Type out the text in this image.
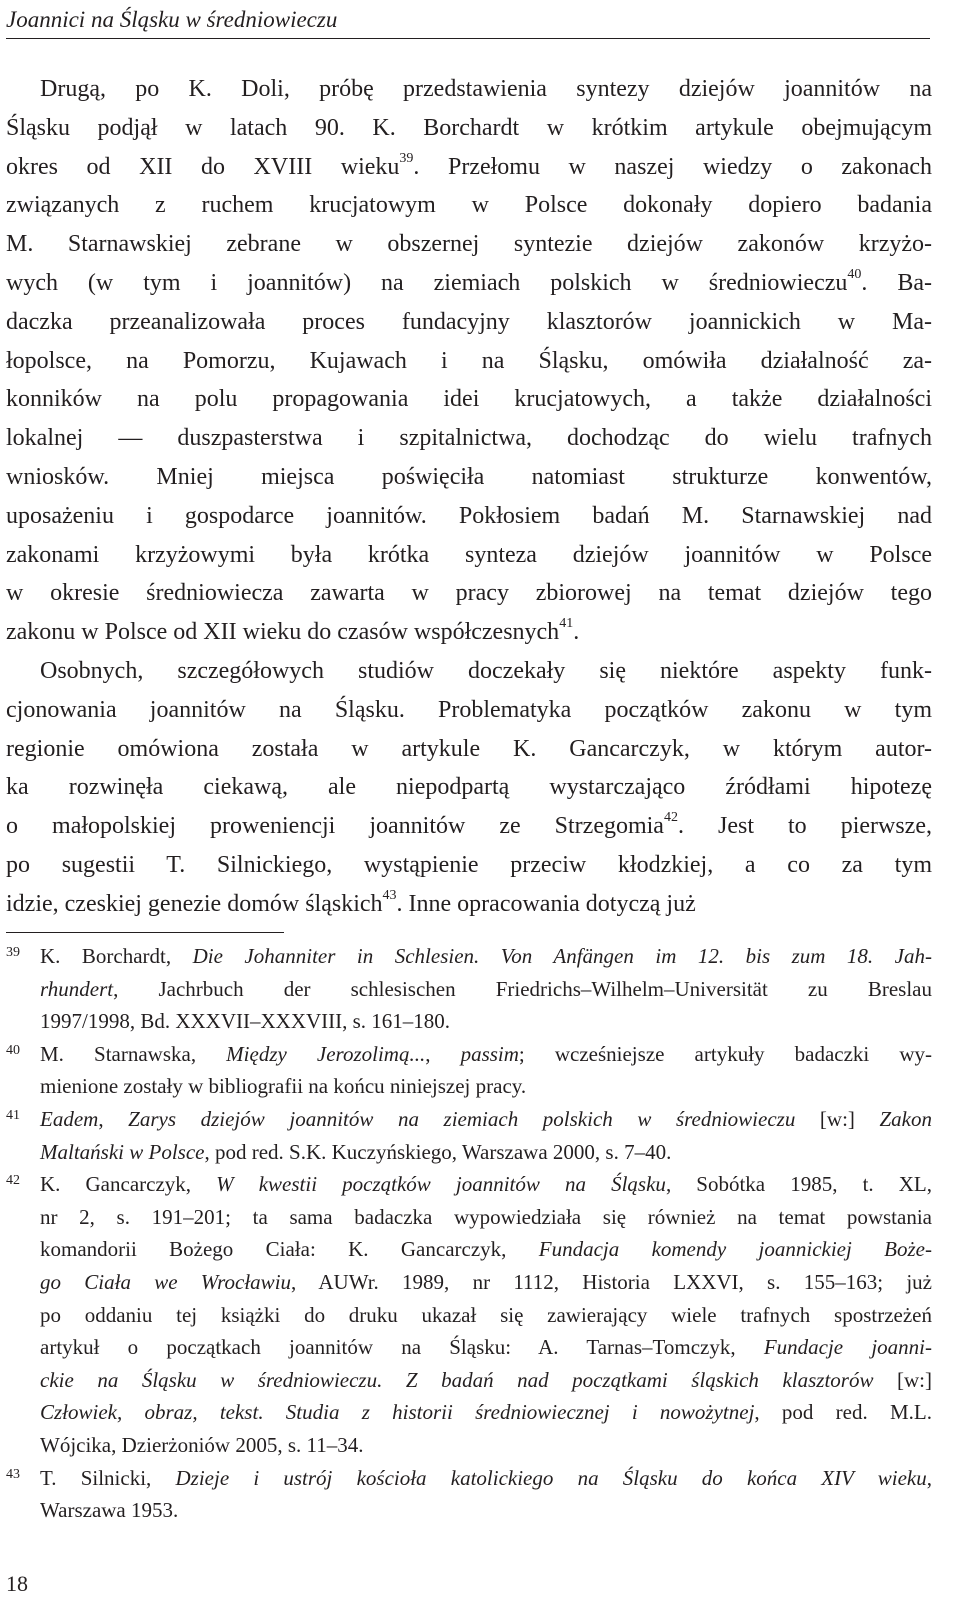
Joannici na Śląsku w średniowieczu
Drugą, po K. Doli, próbę przedstawienia syntezy dziejów joannitów na
Śląsku podjął w latach 90. K. Borchardt w krótkim artykule obejmującym
okres od XII do XVIII wieku$^{39}$. Przełomu w naszej wiedzy o zakonach
związanych z ruchem krucjatowym w Polsce dokonały dopiero badania
M. Starnawskiej zebrane w obszernej syntezie dziejów zakonów krzyżo-
wych (w tym i joannitów) na ziemiach polskich w średniowieczu$^{40}$. Ba-
daczka przeanalizowała proces fundacyjny klasztorów joannickich w Ma-
łopolsce, na Pomorzu, Kujawach i na Śląsku, omówiła działalność za-
konników na polu propagowania idei krucjatowych, a także działalności
lokalnej — duszpasterstwa i szpitalnictwa, dochodząc do wielu trafnych
wniosków. Mniej miejsca poświęciła natomiast strukturze konwentów,
uposażeniu i gospodarce joannitów. Pokłosiem badań M. Starnawskiej nad
zakonami krzyżowymi była krótka synteza dziejów joannitów w Polsce
w okresie średniowiecza zawarta w pracy zbiorowej na temat dziejów tego
zakonu w Polsce od XII wieku do czasów współczesnych$^{41}$.
Osobnych, szczegółowych studiów doczekały się niektóre aspekty funk-
cjonowania joannitów na Śląsku. Problematyka początków zakonu w tym
regionie omówiona została w artykule K. Gancarczyk, w którym autor-
ka rozwinęła ciekawą, ale niepodpartą wystarczająco źródłami hipotezę
o małopolskiej proweniencji joannitów ze Strzegomia$^{42}$. Jest to pierwsze,
po sugestii T. Silnickiego, wystąpienie przeciw kłodzkiej, a co za tym
idzie, czeskiej genezie domów śląskich$^{43}$. Inne opracowania dotyczą już
39 K. Borchardt, Die Johanniter in Schlesien. Von Anfängen im 12. bis zum 18. Jah-
rhundert, Jachrbuch der schlesischen Friedrichs–Wilhelm–Universität zu Breslau
1997/1998, Bd. XXXVII–XXXVIII, s. 161–180.
40 M. Starnawska, Między Jerozolimą..., passim; wcześniejsze artykuły badaczki wy-
mienione zostały w bibliografii na końcu niniejszej pracy.
41 Eadem, Zarys dziejów joannitów na ziemiach polskich w średniowieczu [w:] Zakon
Maltański w Polsce, pod red. S.K. Kuczyńskiego, Warszawa 2000, s. 7–40.
42 K. Gancarczyk, W kwestii początków joannitów na Śląsku, Sobótka 1985, t. XL,
nr 2, s. 191–201; ta sama badaczka wypowiedziała się również na temat powstania
komandorii Bożego Ciała: K. Gancarczyk, Fundacja komendy joannickiej Boże-
go Ciała we Wrocławiu, AUWr. 1989, nr 1112, Historia LXXVI, s. 155–163; już
po oddaniu tej książki do druku ukazał się zawierający wiele trafnych spostrzeżeń
artykuł o początkach joannitów na Śląsku: A. Tarnas–Tomczyk, Fundacje joanni-
ckie na Śląsku w średniowieczu. Z badań nad początkami śląskich klasztorów [w:]
Człowiek, obraz, tekst. Studia z historii średniowiecznej i nowożytnej, pod red. M.L.
Wójcika, Dzierżoniów 2005, s. 11–34.
43 T. Silnicki, Dzieje i ustrój kościoła katolickiego na Śląsku do końca XIV wieku,
Warszawa 1953.
18
